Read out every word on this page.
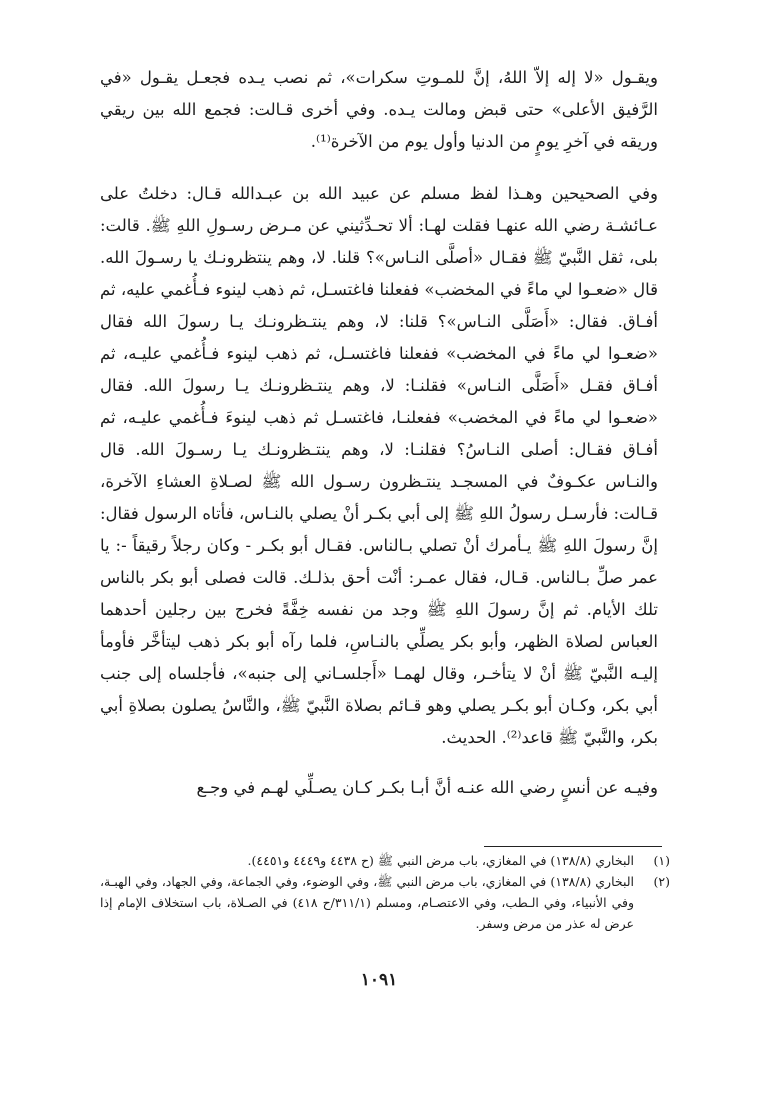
ويقـول «لا إله إلاّ اللهُ، إنَّ للمـوتِ سكرات»، ثم نصب يـده فجعـل يقـول «في الرَّفيق الأعلى» حتى قبض ومالت يـده. وفي أخرى قـالت: فجمع الله بين ريقي وريقه في آخرِ يومٍ من الدنيا وأول يوم من الآخرة⁽¹⁾.

وفي الصحيحين وهـذا لفظ مسلم عن عبيد الله بن عبـدالله قـال: دخلتُ على عـائشـة رضي الله عنهـا فقلت لهـا: ألا تحـدِّثيني عن مـرض رسـولِ اللهِ ﷺ. قالت: بلى، ثقل النَّبيّ ﷺ فقـال «أصلَّى النـاس»؟ قلنا. لا، وهم ينتظرونـك يا رسـولَ الله. قال «ضعـوا لي ماءً في المخضب» ففعلنا فاغتسـل، ثم ذهب لينوء فـأُغمي عليه، ثم أفـاق. فقال: «أَصَلَّى النـاس»؟ قلنا: لا، وهم ينتـظرونـك يـا رسولَ الله فقال «ضعـوا لي ماءً في المخضب» ففعلنا فاغتسـل، ثم ذهب لينوء فـأُغمي عليـه، ثم أفـاق فقـل «أَصَلَّى النـاس» فقلنـا: لا، وهم ينتـظرونـك يـا رسولَ الله. فقال «ضعـوا لي ماءً في المخضب» ففعلنـا، فاغتسـل ثم ذهب لينوءَ فـأُغمي عليـه، ثم أفـاق فقـال: أصلى النـاسُ؟ فقلنـا: لا، وهم ينتـظرونـك يـا رسـولَ الله. قال والنـاس عكـوفٌ في المسجـد ينتـظرون رسـول الله ﷺ لصـلاةِ العشاءِ الآخرة، قـالت: فأرسـل رسولُ اللهِ ﷺ إلى أبي بكـر أنْ يصلي بالنـاس، فأتاه الرسول فقال: إنَّ رسولَ اللهِ ﷺ يـأمرك أنْ تصلي بـالناس. فقـال أبو بكـر - وكان رجلاً رقيقاً -: يا عمر صلِّ بـالناس. قـال، فقال عمـر: أنْت أحق بذلـك. قالت فصلى أبو بكر بالناس تلك الأيام. ثم إنَّ رسولَ اللهِ ﷺ وجد من نفسه خِفَّةً فخرج بين رجلين أحدهما العباس لصلاة الظهر، وأبو بكر يصلِّي بالنـاسِ، فلما رآه أبو بكر ذهب ليتأخَّر فأومأ إليـه النَّبيّ ﷺ أنْ لا يتأخـر، وقال لهمـا «أَجلسـاني إلى جنبه»، فأجلساه إلى جنب أبي بكر، وكـان أبو بكـر يصلي وهو قـائم بصلاة النَّبيّ ﷺ، والنَّاسُ يصلون بصلاةِ أبي بكر، والنَّبيّ ﷺ قاعد⁽²⁾. الحديث.

وفيـه عن أنسٍ رضي الله عنـه أنَّ أبـا بكـر كـان يصـلِّي لهـم في وجـع

(١)
البخاري (١٣٨/٨) في المغازي، باب مرض النبي ﷺ (ح ٤٤٣٨ و٤٤٤٩ و٤٤٥١).
(٢)
البخاري (١٣٨/٨) في المغازي، باب مرض النبي ﷺ، وفي الوضوء، وفي الجماعة، وفي الجهاد، وفي الهبـة، وفي الأنبياء، وفي الـطب، وفي الاعتصـام، ومسلم (٣١١/١/ح ٤١٨) في الصـلاة، باب استخلاف الإمام إذا عرض له عذر من مرض وسفر.
١٠٩١
